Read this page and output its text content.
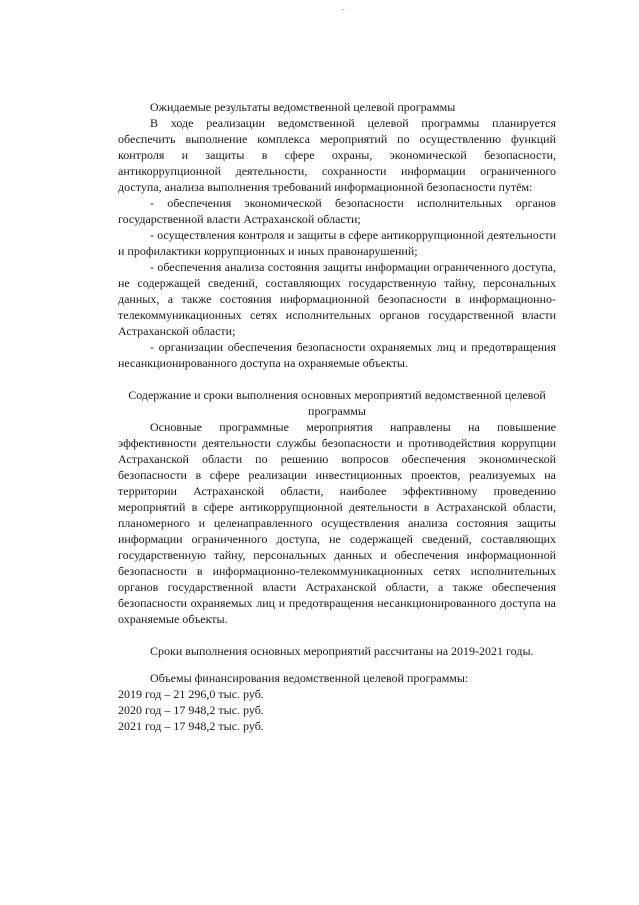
-

Ожидаемые результаты ведомственной целевой программы

В ходе реализации ведомственной целевой программы планируется обеспечить выполнение комплекса мероприятий по осуществлению функций контроля и защиты в сфере охраны, экономической безопасности, антикоррупционной деятельности, сохранности информации ограниченного доступа, анализа выполнения требований информационной безопасности путём:

- обеспечения экономической безопасности исполнительных органов государственной власти Астраханской области;

- осуществления контроля и защиты в сфере антикоррупционной деятельности и профилактики коррупционных и иных правонарушений;

- обеспечения анализа состояния защиты информации ограниченного доступа, не содержащей сведений, составляющих государственную тайну, персональных данных, а также состояния информационной безопасности в информационно-телекоммуникационных сетях исполнительных органов государственной власти Астраханской области;

- организации обеспечения безопасности охраняемых лиц и предотвращения несанкционированного доступа на охраняемые объекты.

Содержание и сроки выполнения основных мероприятий ведомственной целевой программы

Основные программные мероприятия направлены на повышение эффективности деятельности службы безопасности и противодействия коррупции Астраханской области по решению вопросов обеспечения экономической безопасности в сфере реализации инвестиционных проектов, реализуемых на территории Астраханской области, наиболее эффективному проведению мероприятий в сфере антикоррупционной деятельности в Астраханской области, планомерного и целенаправленного осуществления анализа состояния защиты информации ограниченного доступа, не содержащей сведений, составляющих государственную тайну, персональных данных и обеспечения информационной безопасности в информационно-телекоммуникационных сетях исполнительных органов государственной власти Астраханской области, а также обеспечения безопасности охраняемых лиц и предотвращения несанкционированного доступа на охраняемые объекты.

Сроки выполнения основных мероприятий рассчитаны на 2019-2021 годы.

Объемы финансирования ведомственной целевой программы:

2019 год – 21 296,0 тыс. руб.

2020 год – 17 948,2 тыс. руб.

2021 год – 17 948,2 тыс. руб.
